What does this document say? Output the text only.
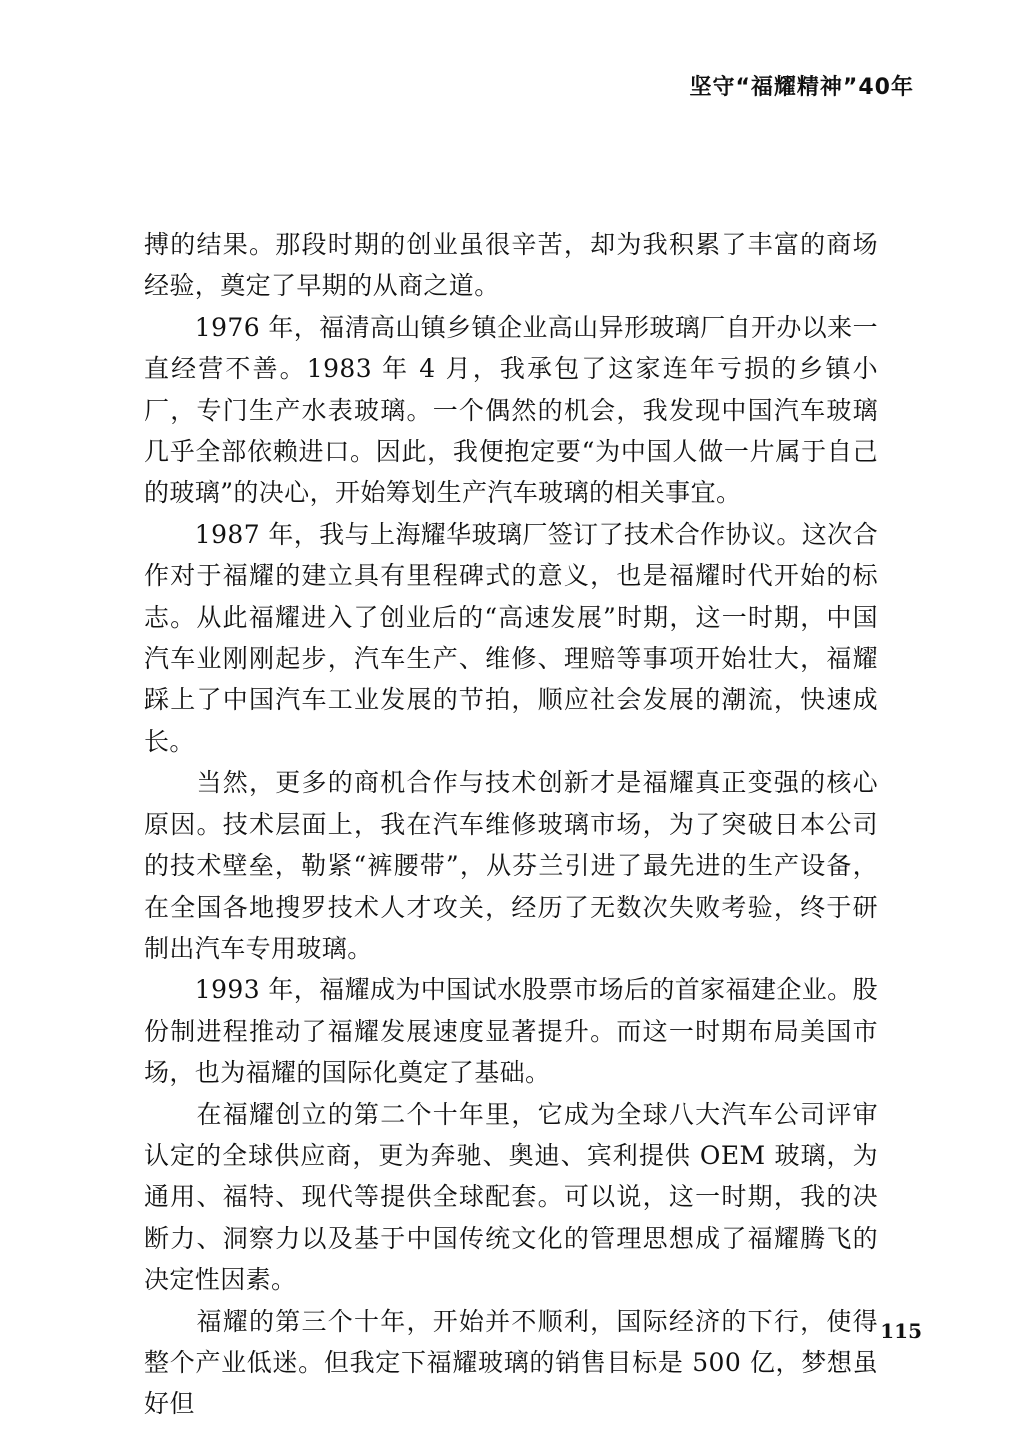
坚守“福耀精神”40年

搏的结果。那段时期的创业虽很辛苦，却为我积累了丰富的商场经验，奠定了早期的从商之道。

　　1976 年，福清高山镇乡镇企业高山异形玻璃厂自开办以来一直经营不善。1983 年 4 月，我承包了这家连年亏损的乡镇小厂，专门生产水表玻璃。一个偶然的机会，我发现中国汽车玻璃几乎全部依赖进口。因此，我便抱定要“为中国人做一片属于自己的玻璃”的决心，开始筹划生产汽车玻璃的相关事宜。

　　1987 年，我与上海耀华玻璃厂签订了技术合作协议。这次合作对于福耀的建立具有里程碑式的意义，也是福耀时代开始的标志。从此福耀进入了创业后的“高速发展”时期，这一时期，中国汽车业刚刚起步，汽车生产、维修、理赔等事项开始壮大，福耀踩上了中国汽车工业发展的节拍，顺应社会发展的潮流，快速成长。

　　当然，更多的商机合作与技术创新才是福耀真正变强的核心原因。技术层面上，我在汽车维修玻璃市场，为了突破日本公司的技术壁垒，勒紧“裤腰带”，从芬兰引进了最先进的生产设备，在全国各地搜罗技术人才攻关，经历了无数次失败考验，终于研制出汽车专用玻璃。

　　1993 年，福耀成为中国试水股票市场后的首家福建企业。股份制进程推动了福耀发展速度显著提升。而这一时期布局美国市场，也为福耀的国际化奠定了基础。

　　在福耀创立的第二个十年里，它成为全球八大汽车公司评审认定的全球供应商，更为奔驰、奥迪、宾利提供 OEM 玻璃，为通用、福特、现代等提供全球配套。可以说，这一时期，我的决断力、洞察力以及基于中国传统文化的管理思想成了福耀腾飞的决定性因素。

　　福耀的第三个十年，开始并不顺利，国际经济的下行，使得整个产业低迷。但我定下福耀玻璃的销售目标是 500 亿，梦想虽好但

115
